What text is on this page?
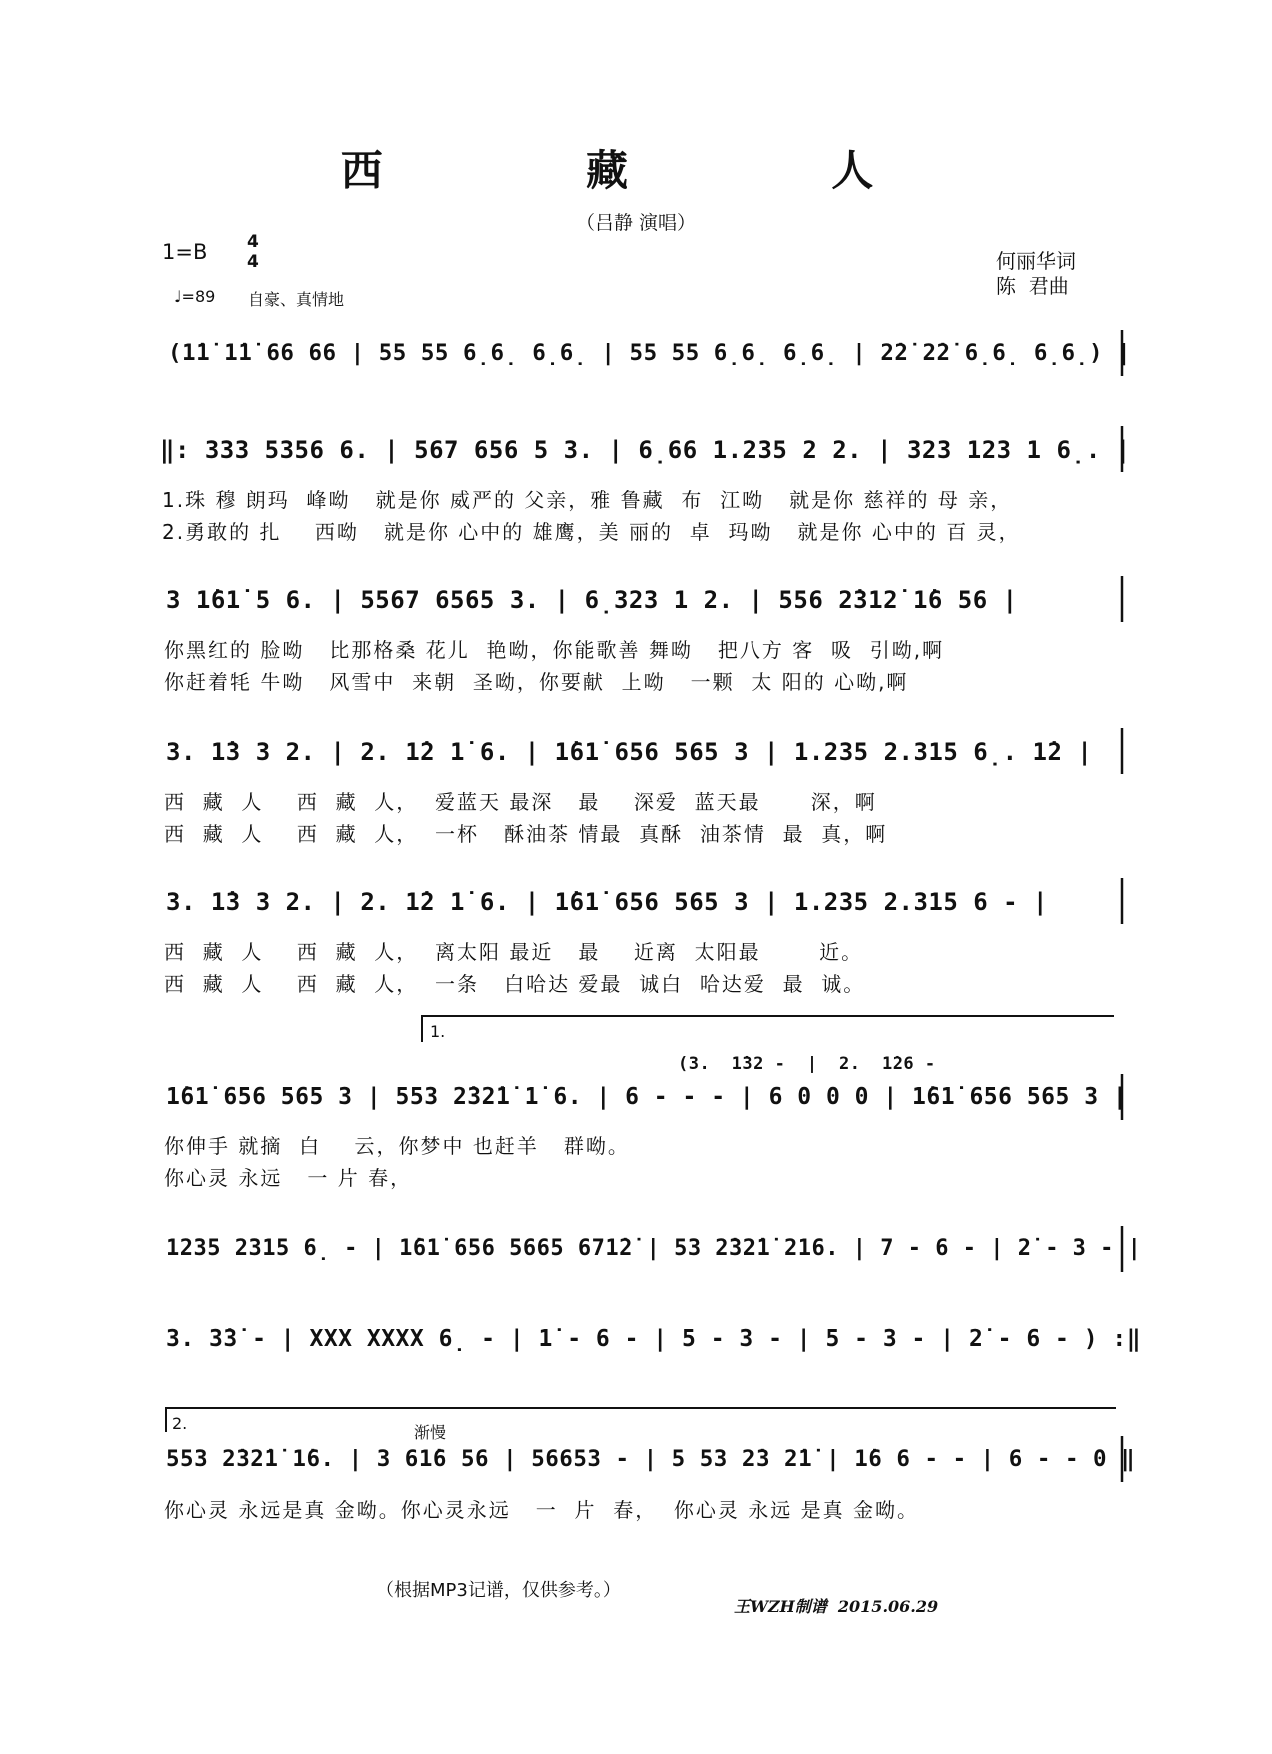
西  藏  人
（吕静 演唱）
1=B 4
4
♩=89 自豪、真情地
何丽华词
陈  君曲
(1̇1̇ 1̇1̇ 66 66 | 55 55 6̣6̣ 6̣6̣ | 55 55 6̣6̣ 6̣6̣ | 2̇2̇ 2̇2̇ 6̣6̣ 6̣6̣) |
‖: 333 5356 6. | 567 656 5 3. | 6̣66 1.235 2 2. | 323 123 1 6̣. |
1.珠 穆 朗玛  峰呦   就是你 威严的 父亲，雅 鲁藏  布  江呦   就是你 慈祥的 母 亲，
2.勇敢的 扎    西呦   就是你 心中的 雄鹰，美 丽的  卓  玛呦   就是你 心中的 百 灵，
3 1̇61̇ 5 6. | 5567 6565 3. | 6̣323 1 2. | 556 2̇312̇ 1̇6 56 |
你黑红的 脸呦   比那格桑 花儿  艳呦，你能歌善 舞呦   把八方 客  吸  引呦,啊
你赶着牦 牛呦   风雪中  来朝  圣呦，你要献  上呦   一颗  太 阳的 心呦,啊
3. 1̇3 3 2. | 2. 1̇2 1̇ 6. | 1̇61̇ 656 565 3 | 1.235 2.315 6̣. 1̇2 |
西  藏  人    西  藏  人，  爱蓝天 最深   最    深爱  蓝天最      深，啊
西  藏  人    西  藏  人，  一杯   酥油茶 情最  真酥  油茶情  最  真，啊
3. 1̇3 3 2. | 2. 1̇2 1̇ 6. | 1̇61̇ 656 565 3 | 1.235 2.315 6 - |
西  藏  人    西  藏  人，  离太阳 最近   最    近离  太阳最       近。
西  藏  人    西  藏  人，  一条   白哈达 爱最  诚白  哈达爱  最  诚。
1.
(3.  1̇32 -  |  2.  1̇26 -
1̇61̇ 656 565 3 | 553 2̇32̇1̇ 1̇ 6. | 6 - - - | 6 0 0 0 | 1̇61̇ 656 565 3 |
你伸手 就摘  白    云，你梦中 也赶羊   群呦。
你心灵 永远   一 片 春，
1235 2315 6̣ - | 1̇61̇ 656 5665 671̇2̇ | 53 2̇32̇1̇ 216. | 7 - 6 - | 2̇ - 3 - |
3. 3̇3̇ - | XXX XXXX 6̣ - | 1̇ - 6 - | 5 - 3 - | 5 - 3 - | 2̇ - 6 - ) :‖
2.	渐慢
553 2̇32̇1̇ 1̇6. | 3 61̇6 56 | 56653 - | 5 53 2̇3 2̇1̇ | 1̇6 6 - - | 6 - - 0 ‖
你心灵 永远是真 金呦。你心灵永远   一  片  春，  你心灵 永远 是真 金呦。
（根据MP3记谱，仅供参考。）
王WZH制谱  2015.06.29
